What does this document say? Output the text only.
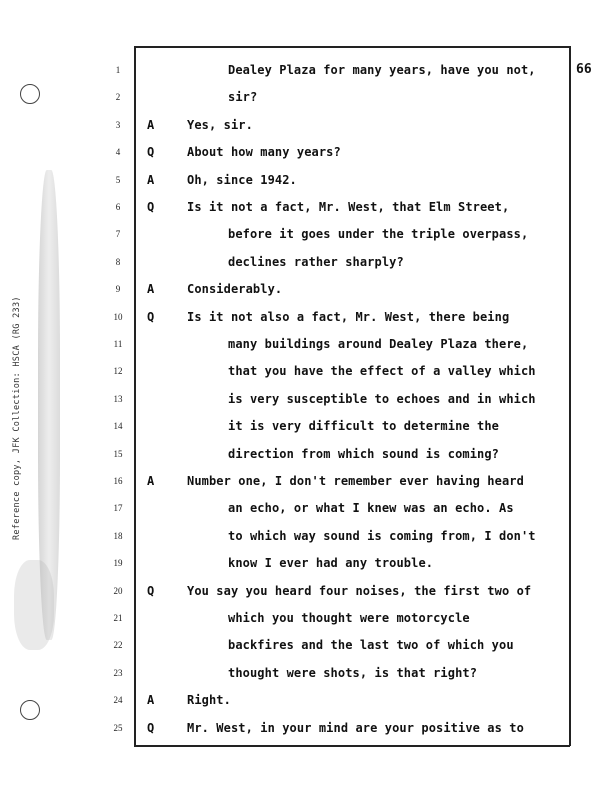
Reference copy, JFK Collection: HSCA (RG 233)
66
1	Dealey Plaza for many years, have you not,
2	sir?
3	A	Yes, sir.
4	Q	About how many years?
5	A	Oh, since 1942.
6	Q	Is it not a fact, Mr. West, that Elm Street,
7	before it goes under the triple overpass,
8	declines rather sharply?
9	A	Considerably.
10	Q	Is it not also a fact, Mr. West, there being
11	many buildings around Dealey Plaza there,
12	that you have the effect of a valley which
13	is very susceptible to echoes and in which
14	it is very difficult to determine the
15	direction from which sound is coming?
16	A	Number one, I don't remember ever having heard
17	an echo, or what I knew was an echo. As
18	to which way sound is coming from, I don't
19	know I ever had any trouble.
20	Q	You say you heard four noises, the first two of
21	which you thought were motorcycle
22	backfires and the last two of which you
23	thought were shots, is that right?
24	A	Right.
25	Q	Mr. West, in your mind are your positive as to
